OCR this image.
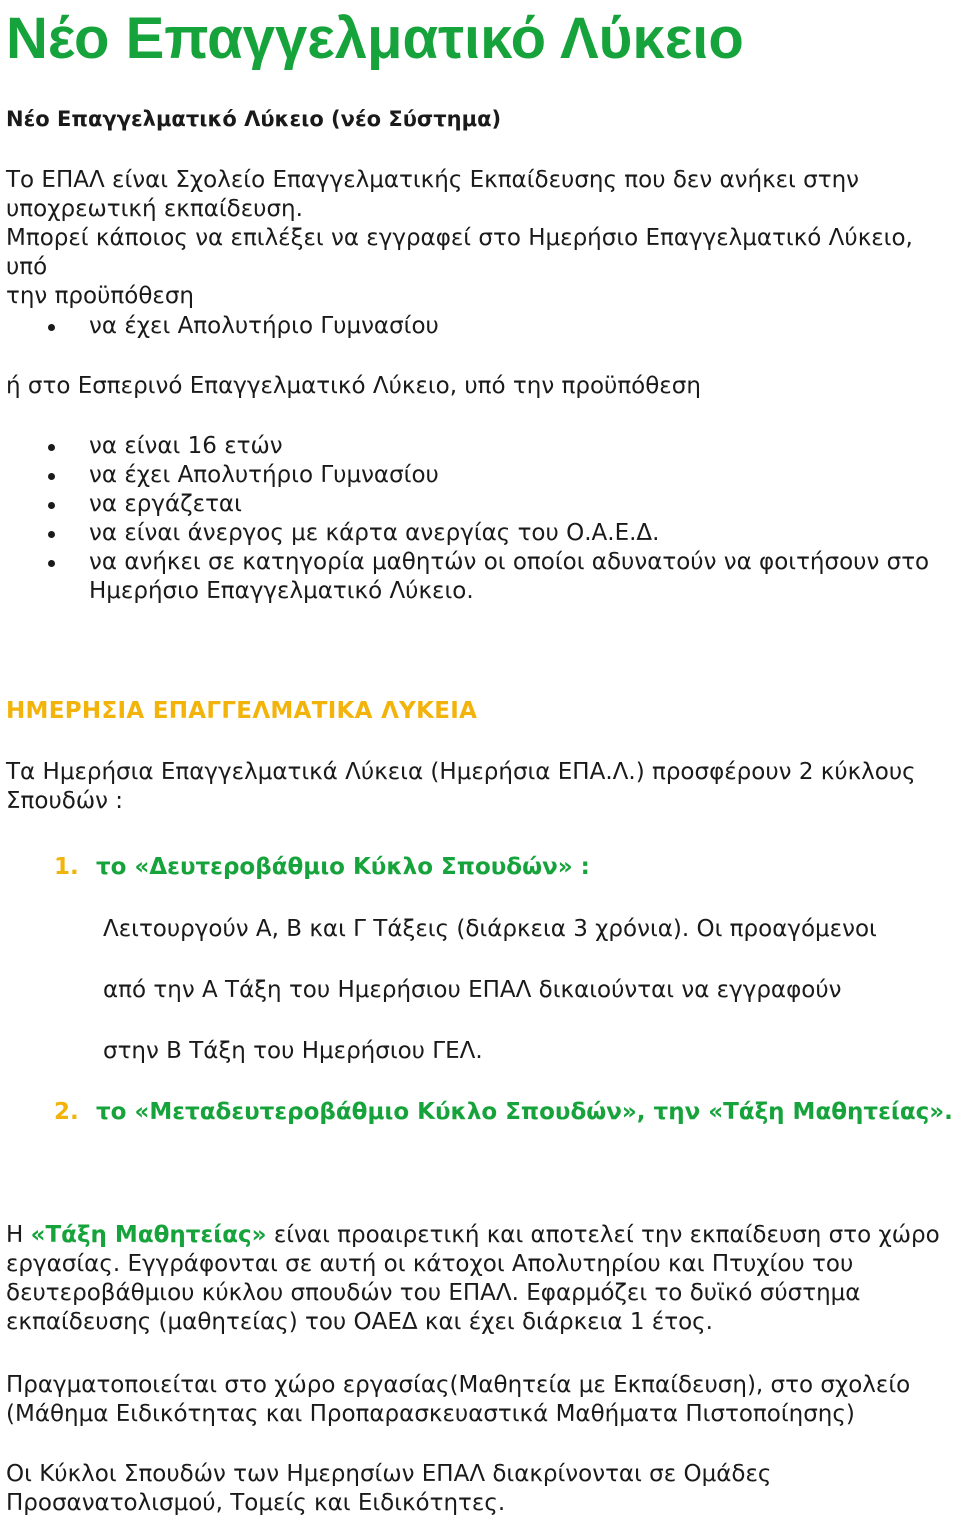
Νέο Επαγγελματικό Λύκειο
Νέο Επαγγελματικό Λύκειο (νέο Σύστημα)
Το ΕΠΑΛ είναι Σχολείο Επαγγελματικής Εκπαίδευσης που δεν ανήκει στην
υποχρεωτική εκπαίδευση.
Μπορεί κάποιος να επιλέξει να εγγραφεί στο Ημερήσιο Επαγγελματικό Λύκειο, υπό
την προϋπόθεση
να έχει Απολυτήριο Γυμνασίου
ή στο Εσπερινό Επαγγελματικό Λύκειο, υπό την προϋπόθεση
να είναι 16 ετών
να έχει Απολυτήριο Γυμνασίου
να εργάζεται
να είναι άνεργος με κάρτα ανεργίας του Ο.Α.Ε.Δ.
να ανήκει σε κατηγορία μαθητών οι οποίοι αδυνατούν να φοιτήσουν στο
Ημερήσιο Επαγγελματικό Λύκειο.
ΗΜΕΡΗΣΙΑ ΕΠΑΓΓΕΛΜΑΤΙΚΑ ΛΥΚΕΙΑ
Τα Ημερήσια Επαγγελματικά Λύκεια (Ημερήσια ΕΠΑ.Λ.) προσφέρουν 2 κύκλους
Σπουδών :
1. το «Δευτεροβάθμιο Κύκλο Σπουδών» :
Λειτουργούν Α, Β και Γ Τάξεις (διάρκεια 3 χρόνια). Οι προαγόμενοι
από την Α Τάξη του Ημερήσιου ΕΠΑΛ δικαιούνται να εγγραφούν
στην Β Τάξη του Ημερήσιου ΓΕΛ.
2. το «Μεταδευτεροβάθμιο Κύκλο Σπουδών», την «Τάξη Μαθητείας».
Η «Τάξη Μαθητείας» είναι προαιρετική και αποτελεί την εκπαίδευση στο χώρο
εργασίας. Εγγράφονται σε αυτή οι κάτοχοι Απολυτηρίου και Πτυχίου του
δευτεροβάθμιου κύκλου σπουδών του ΕΠΑΛ. Εφαρμόζει το δυϊκό σύστημα
εκπαίδευσης (μαθητείας) του ΟΑΕΔ και έχει διάρκεια 1 έτος.
Πραγματοποιείται στο χώρο εργασίας(Μαθητεία με Εκπαίδευση), στο σχολείο
(Μάθημα Ειδικότητας και Προπαρασκευαστικά Μαθήματα Πιστοποίησης)
Οι Κύκλοι Σπουδών των Ημερησίων ΕΠΑΛ διακρίνονται σε Ομάδες
Προσανατολισμού, Τομείς και Ειδικότητες.
